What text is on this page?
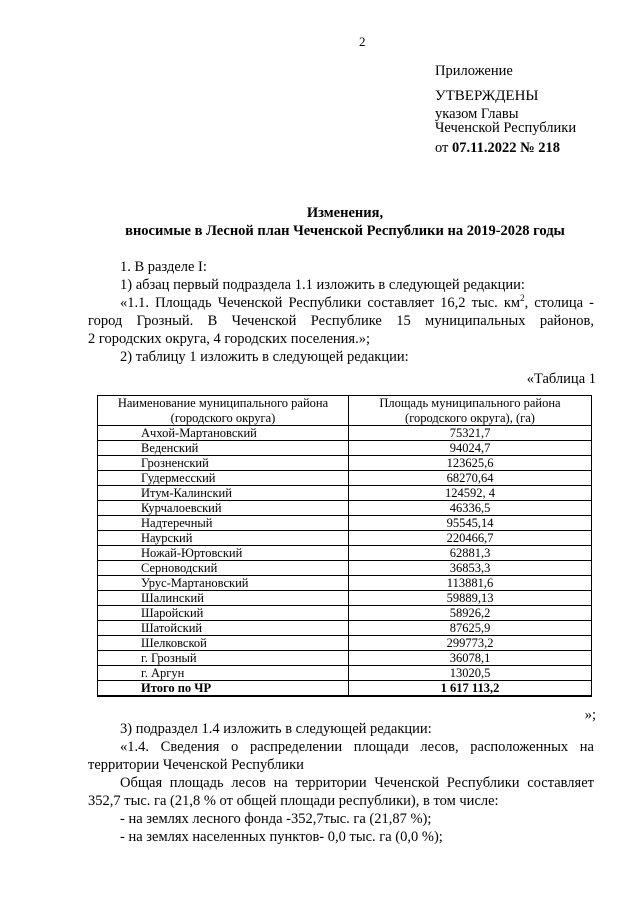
2
Приложение
УТВЕРЖДЕНЫ
указом Главы
Чеченской Республики
от 07.11.2022 № 218
Изменения,
вносимые в Лесной план Чеченской Республики на 2019-2028 годы
1. В разделе I:
1) абзац первый подраздела 1.1 изложить в следующей редакции:
«1.1. Площадь Чеченской Республики составляет 16,2 тыс. $км^2$, столица -
город Грозный. В Чеченской Республике 15 муниципальных районов,
2 городских округа, 4 городских поселения.»;
2) таблицу 1 изложить в следующей редакции:
«Таблица 1
Наименование муниципального района (городского округа)	Площадь муниципального района (городского округа), (га)
Ачхой-Мартановский	75321,7
Веденский	94024,7
Грозненский	123625,6
Гудермесский	68270,64
Итум-Калинский	124592, 4
Курчалоевский	46336,5
Надтеречный	95545,14
Наурский	220466,7
Ножай-Юртовский	62881,3
Серноводский	36853,3
Урус-Мартановский	113881,6
Шалинский	59889,13
Шаройский	58926,2
Шатойский	87625,9
Шелковской	299773,2
г. Грозный	36078,1
г. Аргун	13020,5
Итого по ЧР	1 617 113,2
»;
3) подраздел 1.4 изложить в следующей редакции:
«1.4. Сведения о распределении площади лесов, расположенных на
территории Чеченской Республики
Общая площадь лесов на территории Чеченской Республики составляет
352,7 тыс. га (21,8 % от общей площади республики), в том числе:
- на землях лесного фонда -352,7тыс. га (21,87 %);
- на землях населенных пунктов- 0,0 тыс. га (0,0 %);
